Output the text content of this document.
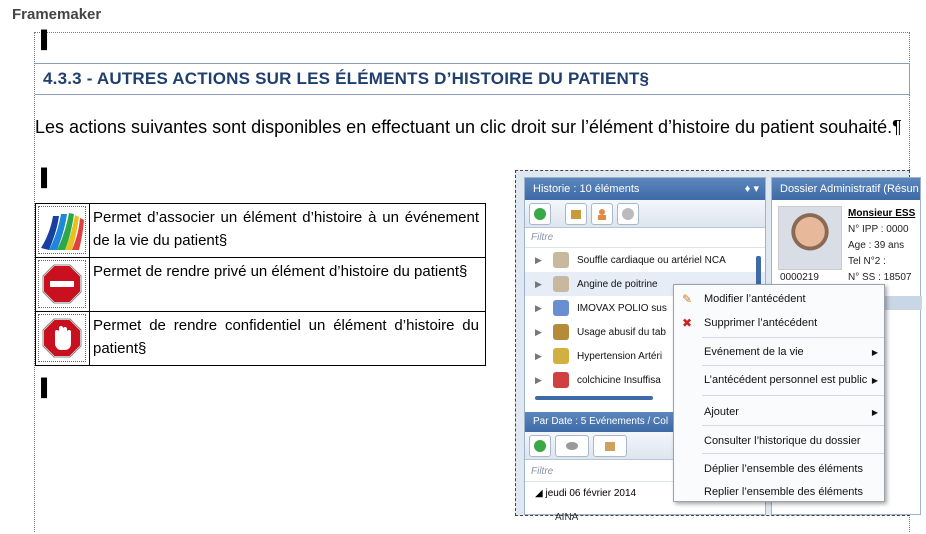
Framemaker
▐
4.3.3 - AUTRES ACTIONS SUR LES ÉLÉMENTS D’HISTOIRE DU PATIENT§
Les actions suivantes sont disponibles en effectuant un clic droit sur l’élément d’histoire du patient souhaité.¶
▐
	Permet d’associer un élément d’histoire à un événement de la vie du patient§

	Permet de rendre privé un élément d’histoire du patient§

	Permet de rendre confidentiel un élément d’histoire du patient§
▐
Historie : 10 éléments	⁠♦ ▾
Filtre
▶	Souffle cardiaque ou artériel NCA
▶	Angine de poitrine
▶	IMOVAX POLIO sus
▶	Usage abusif du tab
▶	Hypertension Artéri
▶	colchicine Insuffisa
Par Date : 5 Evénements / Col
Filtre
◢ jeudi 06 février 2014
AINA
Dossier Administratif (Résun
Monsieur ESS
N° IPP : 0000
Age : 39 ans
Tel N°2 :
N° SS : 18507
0000219
✎ Modifier l’antécédent
✖ Supprimer l’antécédent
Evénement de la vie	▶
L’antécédent personnel est public ▶
Ajouter	▶
Consulter l’historique du dossier
Déplier l’ensemble des éléments
Replier l’ensemble des éléments
